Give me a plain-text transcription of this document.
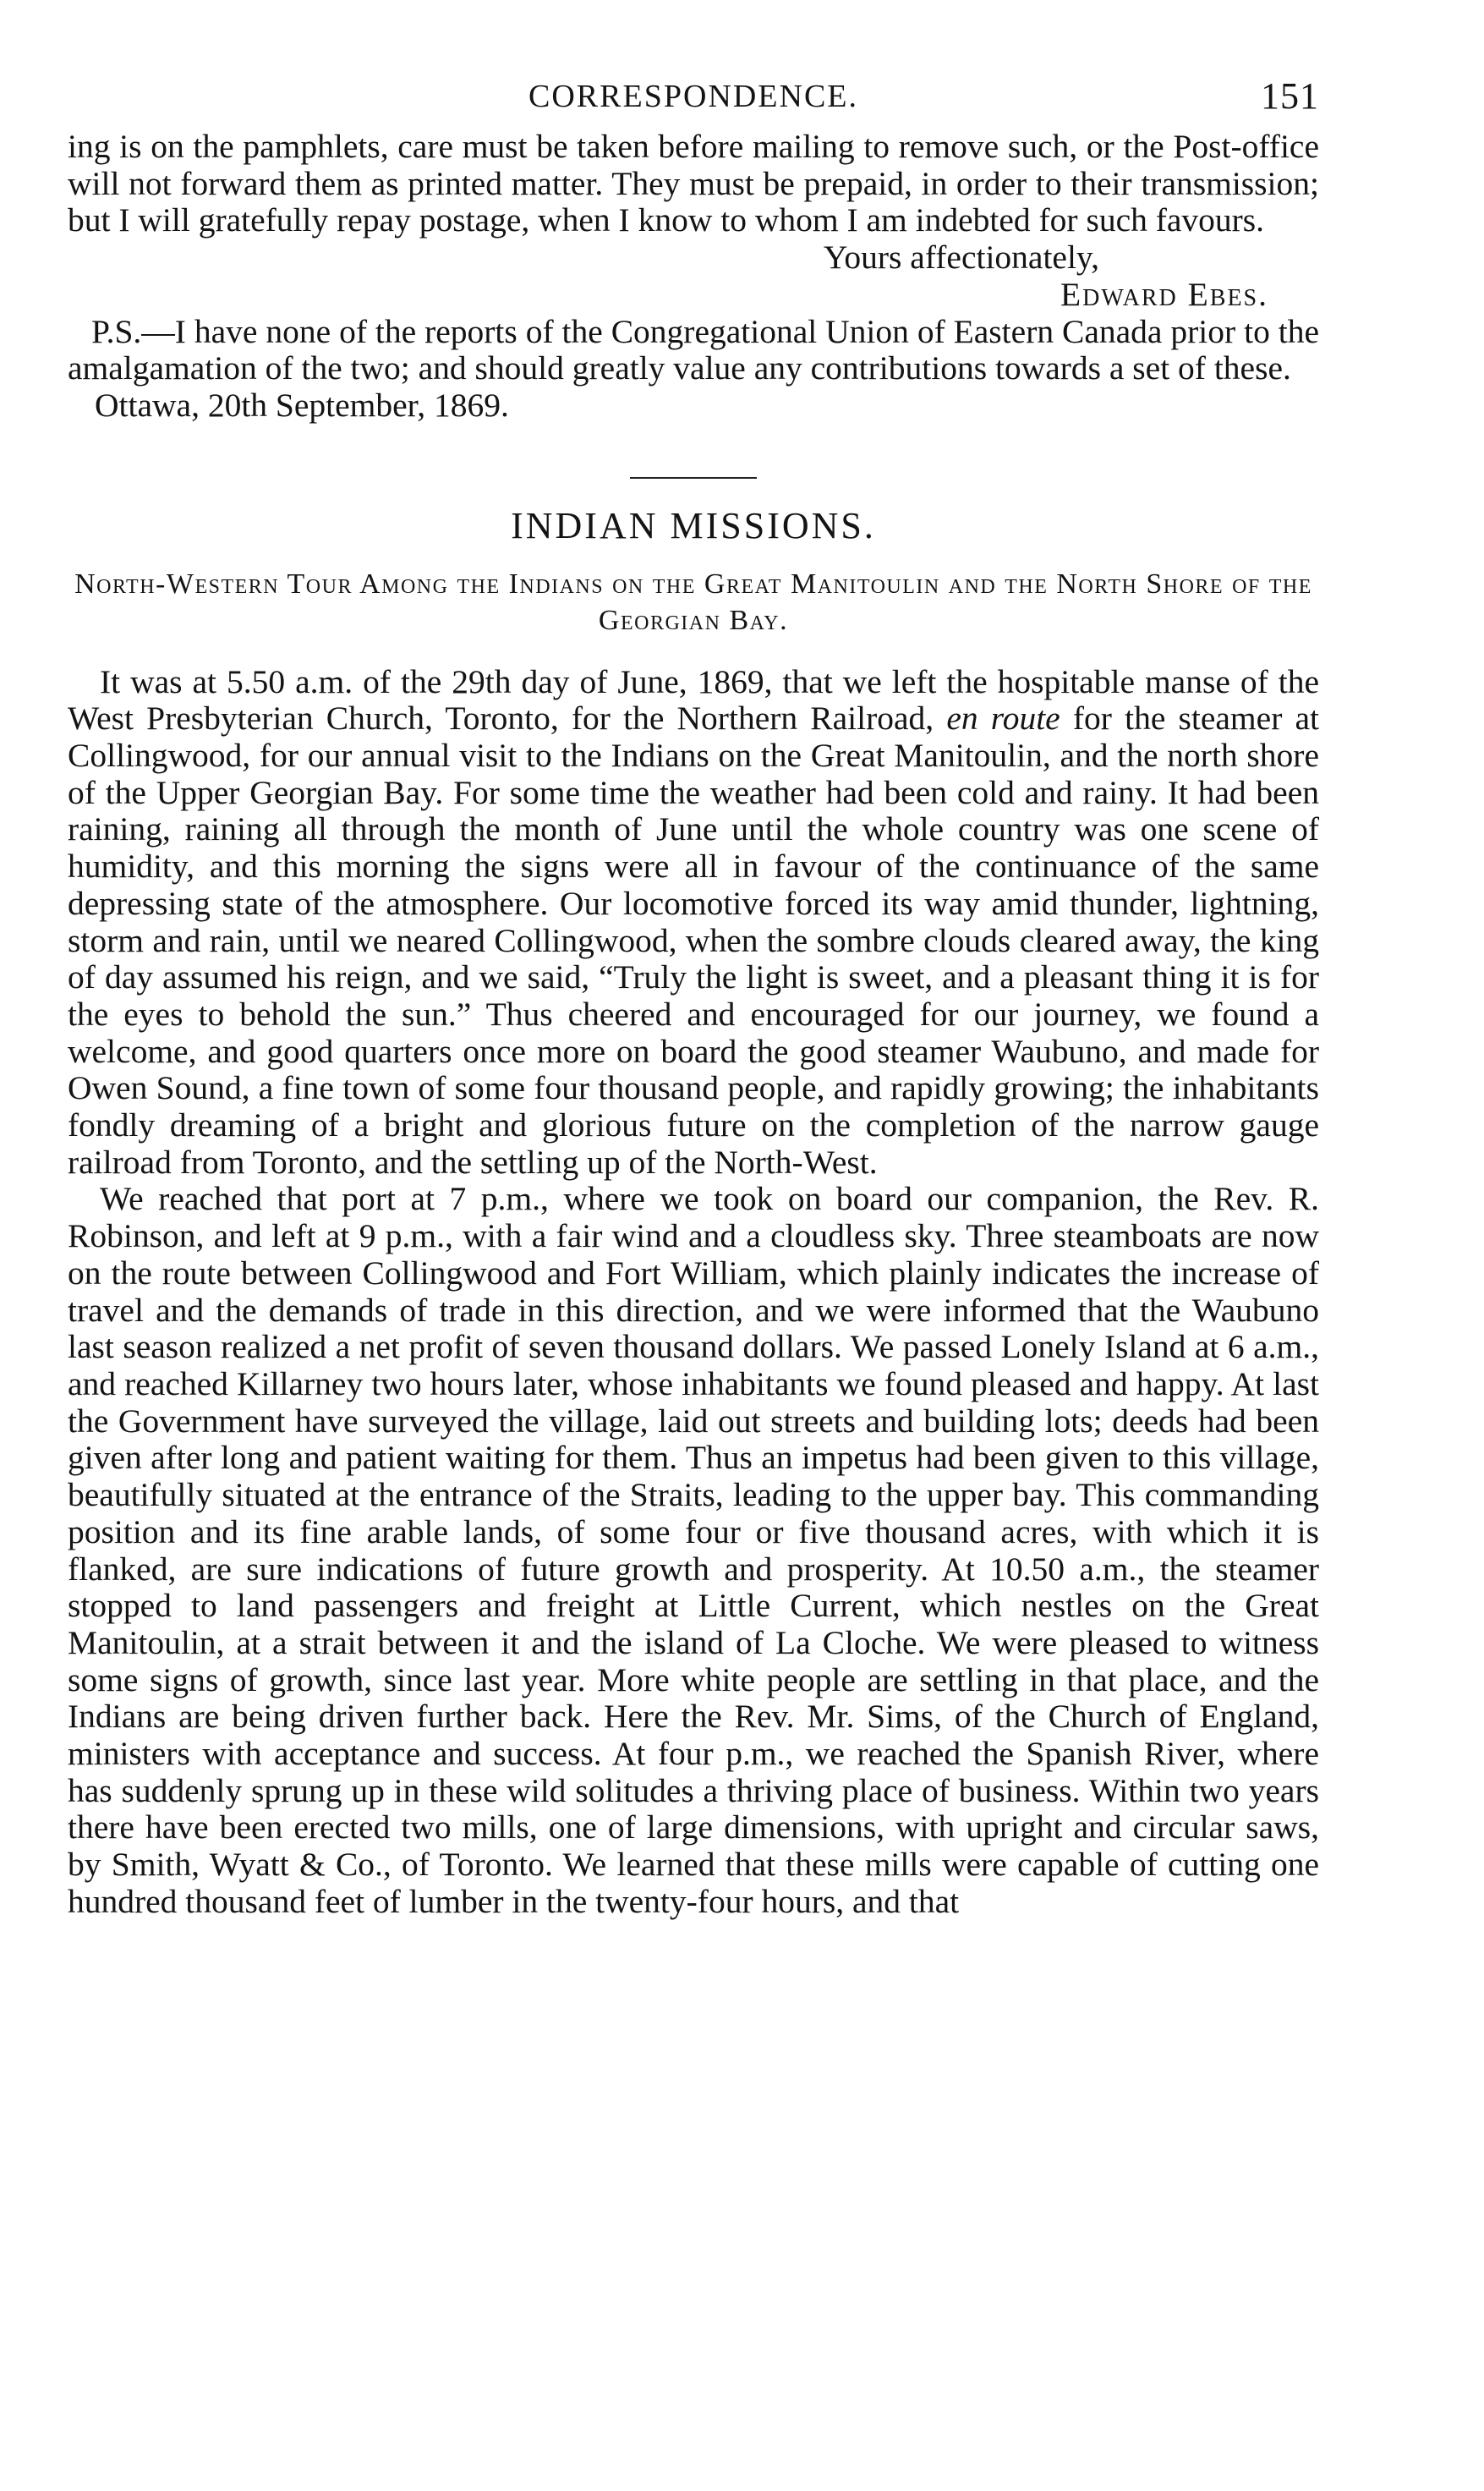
CORRESPONDENCE.	151

ing is on the pamphlets, care must be taken before mailing to remove such, or the Post-office will not forward them as printed matter. They must be prepaid, in order to their transmission; but I will gratefully repay postage, when I know to whom I am indebted for such favours.

Yours affectionately,
Edward Ebes.

P.S.—I have none of the reports of the Congregational Union of Eastern Canada prior to the amalgamation of the two; and should greatly value any contributions towards a set of these.

Ottawa, 20th September, 1869.

INDIAN MISSIONS.
North-Western Tour Among the Indians on the Great Manitoulin and the North Shore of the Georgian Bay.

It was at 5.50 a.m. of the 29th day of June, 1869, that we left the hospitable manse of the West Presbyterian Church, Toronto, for the Northern Railroad, en route for the steamer at Collingwood, for our annual visit to the Indians on the Great Manitoulin, and the north shore of the Upper Georgian Bay. For some time the weather had been cold and rainy. It had been raining, raining all through the month of June until the whole country was one scene of humidity, and this morning the signs were all in favour of the continuance of the same depressing state of the atmosphere. Our locomotive forced its way amid thunder, lightning, storm and rain, until we neared Collingwood, when the sombre clouds cleared away, the king of day assumed his reign, and we said, “Truly the light is sweet, and a pleasant thing it is for the eyes to behold the sun.” Thus cheered and encouraged for our journey, we found a welcome, and good quarters once more on board the good steamer Waubuno, and made for Owen Sound, a fine town of some four thousand people, and rapidly growing; the inhabitants fondly dreaming of a bright and glorious future on the completion of the narrow gauge railroad from Toronto, and the settling up of the North-West.

We reached that port at 7 p.m., where we took on board our companion, the Rev. R. Robinson, and left at 9 p.m., with a fair wind and a cloudless sky. Three steamboats are now on the route between Collingwood and Fort William, which plainly indicates the increase of travel and the demands of trade in this direction, and we were informed that the Waubuno last season realized a net profit of seven thousand dollars. We passed Lonely Island at 6 a.m., and reached Killarney two hours later, whose inhabitants we found pleased and happy. At last the Government have surveyed the village, laid out streets and building lots; deeds had been given after long and patient waiting for them. Thus an impetus had been given to this village, beautifully situated at the entrance of the Straits, leading to the upper bay. This commanding position and its fine arable lands, of some four or five thousand acres, with which it is flanked, are sure indications of future growth and prosperity. At 10.50 a.m., the steamer stopped to land passengers and freight at Little Current, which nestles on the Great Manitoulin, at a strait between it and the island of La Cloche. We were pleased to witness some signs of growth, since last year. More white people are settling in that place, and the Indians are being driven further back. Here the Rev. Mr. Sims, of the Church of England, ministers with acceptance and success. At four p.m., we reached the Spanish River, where has suddenly sprung up in these wild solitudes a thriving place of business. Within two years there have been erected two mills, one of large dimensions, with upright and circular saws, by Smith, Wyatt & Co., of Toronto. We learned that these mills were capable of cutting one hundred thousand feet of lumber in the twenty-four hours, and that
